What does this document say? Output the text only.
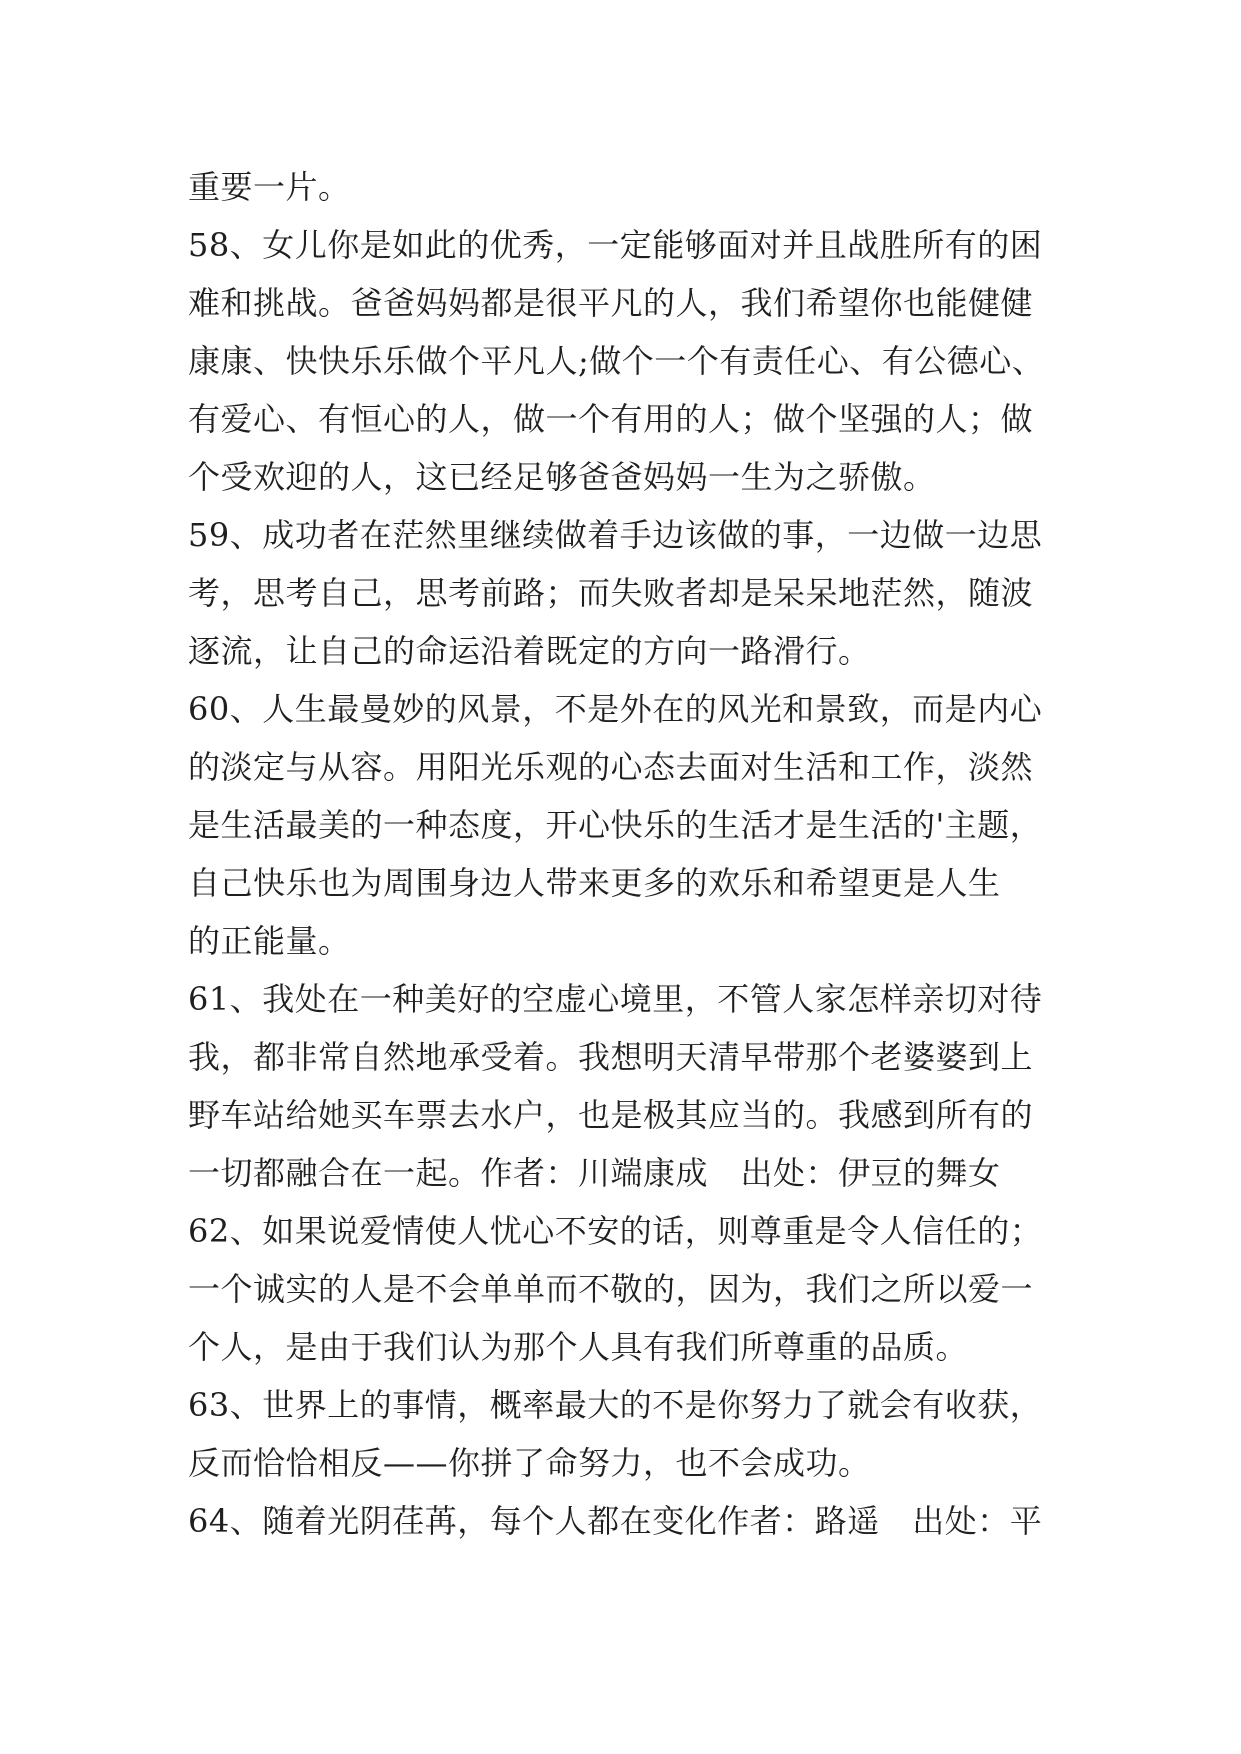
重要一片。
58、女儿你是如此的优秀，一定能够面对并且战胜所有的困
难和挑战。爸爸妈妈都是很平凡的人，我们希望你也能健健
康康、快快乐乐做个平凡人;做个一个有责任心、有公德心、
有爱心、有恒心的人，做一个有用的人；做个坚强的人；做
个受欢迎的人，这已经足够爸爸妈妈一生为之骄傲。
59、成功者在茫然里继续做着手边该做的事，一边做一边思
考，思考自己，思考前路；而失败者却是呆呆地茫然，随波
逐流，让自己的命运沿着既定的方向一路滑行。
60、人生最曼妙的风景，不是外在的风光和景致，而是内心
的淡定与从容。用阳光乐观的心态去面对生活和工作，淡然
是生活最美的一种态度，开心快乐的生活才是生活的'主题，
自己快乐也为周围身边人带来更多的欢乐和希望更是人生
的正能量。
61、我处在一种美好的空虚心境里，不管人家怎样亲切对待
我，都非常自然地承受着。我想明天清早带那个老婆婆到上
野车站给她买车票去水户，也是极其应当的。我感到所有的
一切都融合在一起。作者：川端康成　出处：伊豆的舞女
62、如果说爱情使人忧心不安的话，则尊重是令人信任的；
一个诚实的人是不会单单而不敬的，因为，我们之所以爱一
个人，是由于我们认为那个人具有我们所尊重的品质。
63、世界上的事情，概率最大的不是你努力了就会有收获，
反而恰恰相反——你拼了命努力，也不会成功。
64、随着光阴荏苒，每个人都在变化作者：路遥　出处：平
